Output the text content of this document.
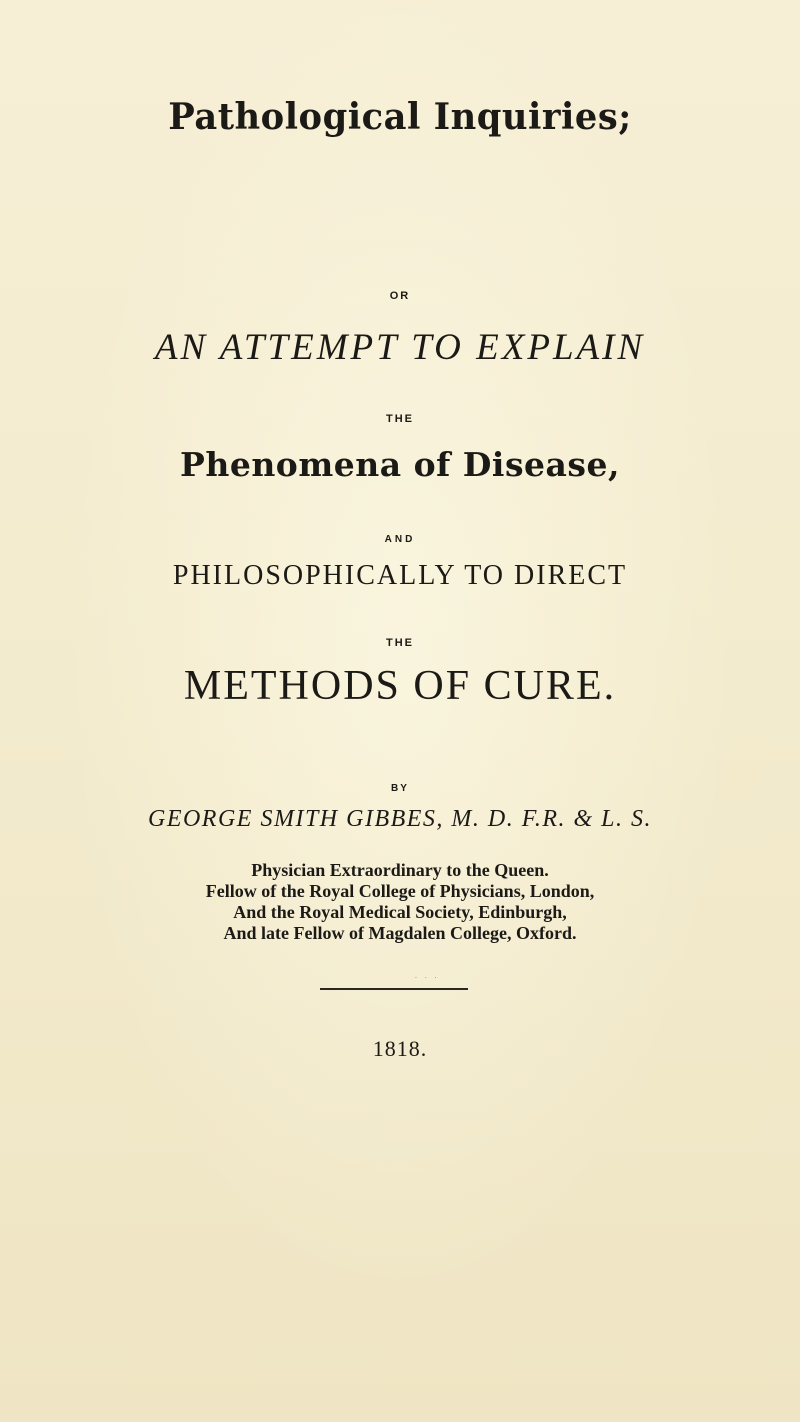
Pathological Inquiries;
OR
AN ATTEMPT TO EXPLAIN
THE
Phenomena of Disease,
AND
PHILOSOPHICALLY TO DIRECT
THE
METHODS OF CURE.
BY
GEORGE SMITH GIBBES, M. D. F.R. & L. S.
Physician Extraordinary to the Queen.
Fellow of the Royal College of Physicians, London,
And the Royal Medical Society, Edinburgh,
And late Fellow of Magdalen College, Oxford.
· · ·
1818.
